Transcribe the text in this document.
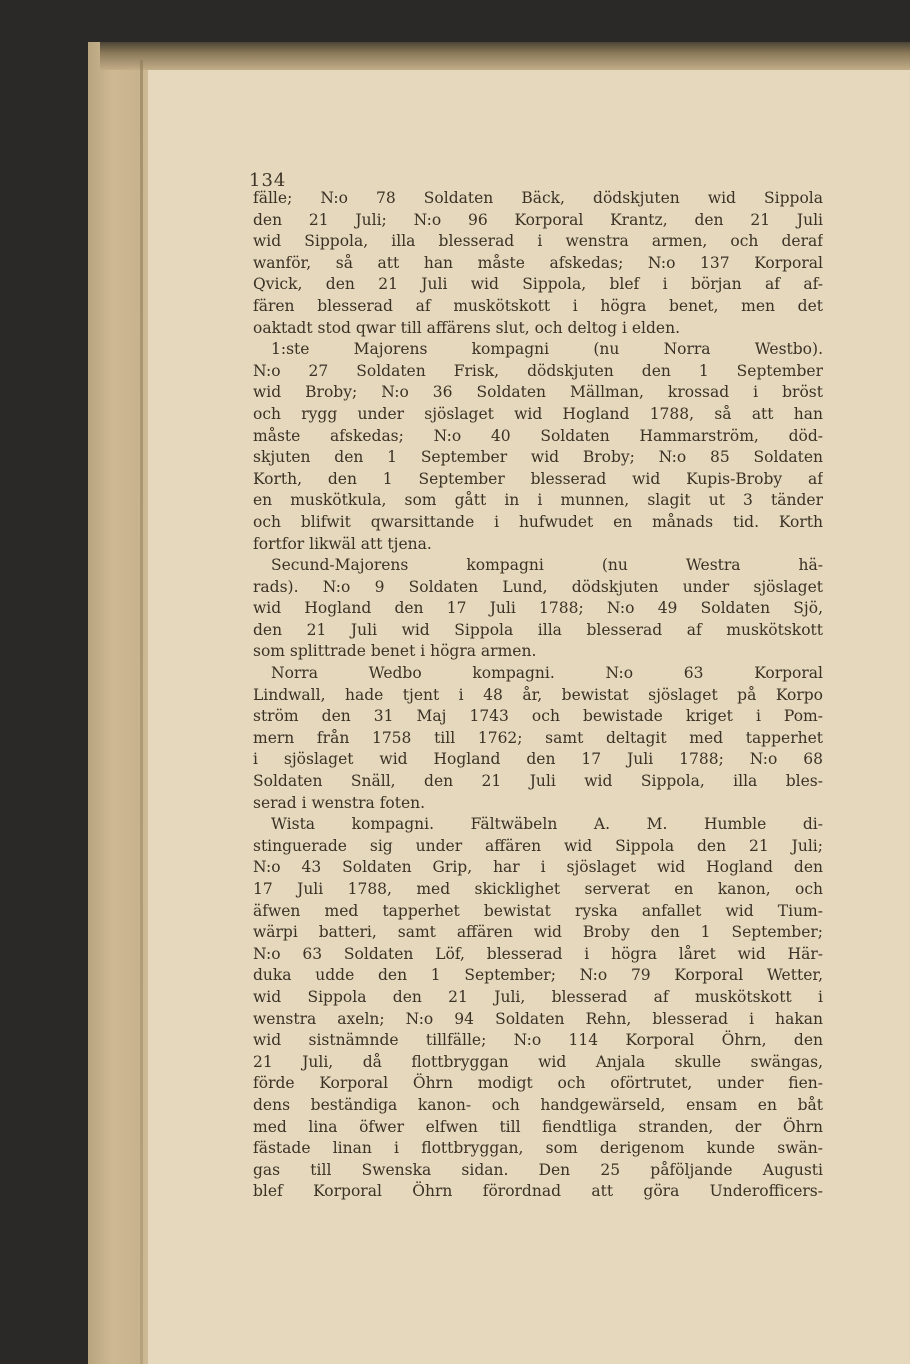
134
fälle; N:o 78 Soldaten Bäck, dödskjuten wid Sippola
den 21 Juli; N:o 96 Korporal Krantz, den 21 Juli
wid Sippola, illa blesserad i wenstra armen, och deraf
wanför, så att han måste afskedas; N:o 137 Korporal
Qvick, den 21 Juli wid Sippola, blef i början af af-
fären blesserad af muskötskott i högra benet, men det
oaktadt stod qwar till affärens slut, och deltog i elden.
1:ste Majorens kompagni (nu Norra Westbo).
N:o 27 Soldaten Frisk, dödskjuten den 1 September
wid Broby; N:o 36 Soldaten Mällman, krossad i bröst
och rygg under sjöslaget wid Hogland 1788, så att han
måste afskedas; N:o 40 Soldaten Hammarström, död-
skjuten den 1 September wid Broby; N:o 85 Soldaten
Korth, den 1 September blesserad wid Kupis-Broby af
en muskötkula, som gått in i munnen, slagit ut 3 tänder
och blifwit qwarsittande i hufwudet en månads tid. Korth
fortfor likwäl att tjena.
Secund-Majorens kompagni (nu Westra hä-
rads). N:o 9 Soldaten Lund, dödskjuten under sjöslaget
wid Hogland den 17 Juli 1788; N:o 49 Soldaten Sjö,
den 21 Juli wid Sippola illa blesserad af muskötskott
som splittrade benet i högra armen.
Norra Wedbo kompagni. N:o 63 Korporal
Lindwall, hade tjent i 48 år, bewistat sjöslaget på Korpo
ström den 31 Maj 1743 och bewistade kriget i Pom-
mern från 1758 till 1762; samt deltagit med tapperhet
i sjöslaget wid Hogland den 17 Juli 1788; N:o 68
Soldaten Snäll, den 21 Juli wid Sippola, illa bles-
serad i wenstra foten.
Wista kompagni. Fältwäbeln A. M. Humble di-
stinguerade sig under affären wid Sippola den 21 Juli;
N:o 43 Soldaten Grip, har i sjöslaget wid Hogland den
17 Juli 1788, med skicklighet serverat en kanon, och
äfwen med tapperhet bewistat ryska anfallet wid Tium-
wärpi batteri, samt affären wid Broby den 1 September;
N:o 63 Soldaten Löf, blesserad i högra låret wid Här-
duka udde den 1 September; N:o 79 Korporal Wetter,
wid Sippola den 21 Juli, blesserad af muskötskott i
wenstra axeln; N:o 94 Soldaten Rehn, blesserad i hakan
wid sistnämnde tillfälle; N:o 114 Korporal Öhrn, den
21 Juli, då flottbryggan wid Anjala skulle swängas,
förde Korporal Öhrn modigt och oförtrutet, under fien-
dens beständiga kanon- och handgewärseld, ensam en båt
med lina öfwer elfwen till fiendtliga stranden, der Öhrn
fästade linan i flottbryggan, som derigenom kunde swän-
gas till Swenska sidan. Den 25 påföljande Augusti
blef Korporal Öhrn förordnad att göra Underofficers-
